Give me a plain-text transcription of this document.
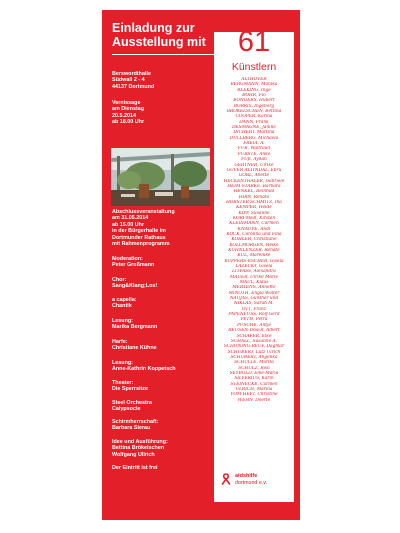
Einladung zur
Ausstellung mit	61
Künstlern
ALTHÖVER
BERGMANN, Monika
BLEKING, Inge
BÖHR, Flo
BONGERS, Hubert
BORRIS, Ingeborg
BRÖKELSCHEN, Bettina
COOPER, Karina
DANN, Frank
DESMAGNE, Janine
DICHERT, Martina
DÜLLBERG, Michaela
FREIA, A.
FÜR, Waltraud
FÜRSTE, Anke
FÜß, Ayhan
GERTNER, Ulrike
GÜVER-ALTINDAL, Ebru
GÖRL, Anette
HECKENTHALER, Gabriele
HEIM-STARKE, Barbara
HENKEL, Reinhild
HIRN, Renate
HORSTER-SCHMITZ, Ina
KEMPER, Heide
KIPP, Susanne
KORFMER, Kirsten
KLEINMANN, Carmen
KNAUPE, Andi
KÖCK, Carolina und Fina
KÖHLER, Christiane
KOLLMORGEN, Heike
KÜHNLENZER, Renate
KÜL, Mareikke
KÜPPERS-ESCHER, Gisela
LAZECKY, Gisela
LITFASS, Alexandra
MAUER, Ulrike Marie
MAUL, Klaus
MERTENS, Annette
MINOTH, Engla Walter
NAUJAS, Günther und
NIKLAS, Sarah M.
OTT, Franz
PAPENFUSS, Rolf-Gerd
PETH, Petra
PÜSCHE, Antje
REUSEN-ISSER, Albert
SCHÄFER, Elke
SCHALL, Susanne A.
SCHÖNING-BEUF, Dagmar
SCHUBERT, Lutz Ulrich
SCHUBERT, Angelika
SCHULTE, Marita
SCHULZ, Rosi
SEYBOLD, Elke-Maria
SILVERIUS, Karin
STEINECKE, Carmen
ULRICH, Marina
VOM HEFT, Christine
WEHN, Doerte
aidshilfe
dortmund e.v.
Berswordthalle
Südwall 2 - 4
44137 Dortmund
Vernissage
am Dienstag
20.5.2014
ab 18.00 Uhr
Abschlussveranstaltung
am 31.05.2014
ab 15.00 Uhr
in der Bürgerhalle im
Dortmunder Rathaus
mit Rahmenprogramm
Moderation:
Peter Großmann
Chor:
Sang&Klang;Los!
a capella:
Chantik
Lesung:
Marika Bergmann
Harfe:
Christiane Kühne
Lesung:
Anne-Kathrin Koppetsch
Theater:
Die Sperrsitze
Steel Orchestra
Calypsocie
Schirmherrschaft:
Barbara Sierau
Idee und Ausführung:
Bettina Brökelschen
Wolfgang Ullrich
Der Eintritt ist frei
